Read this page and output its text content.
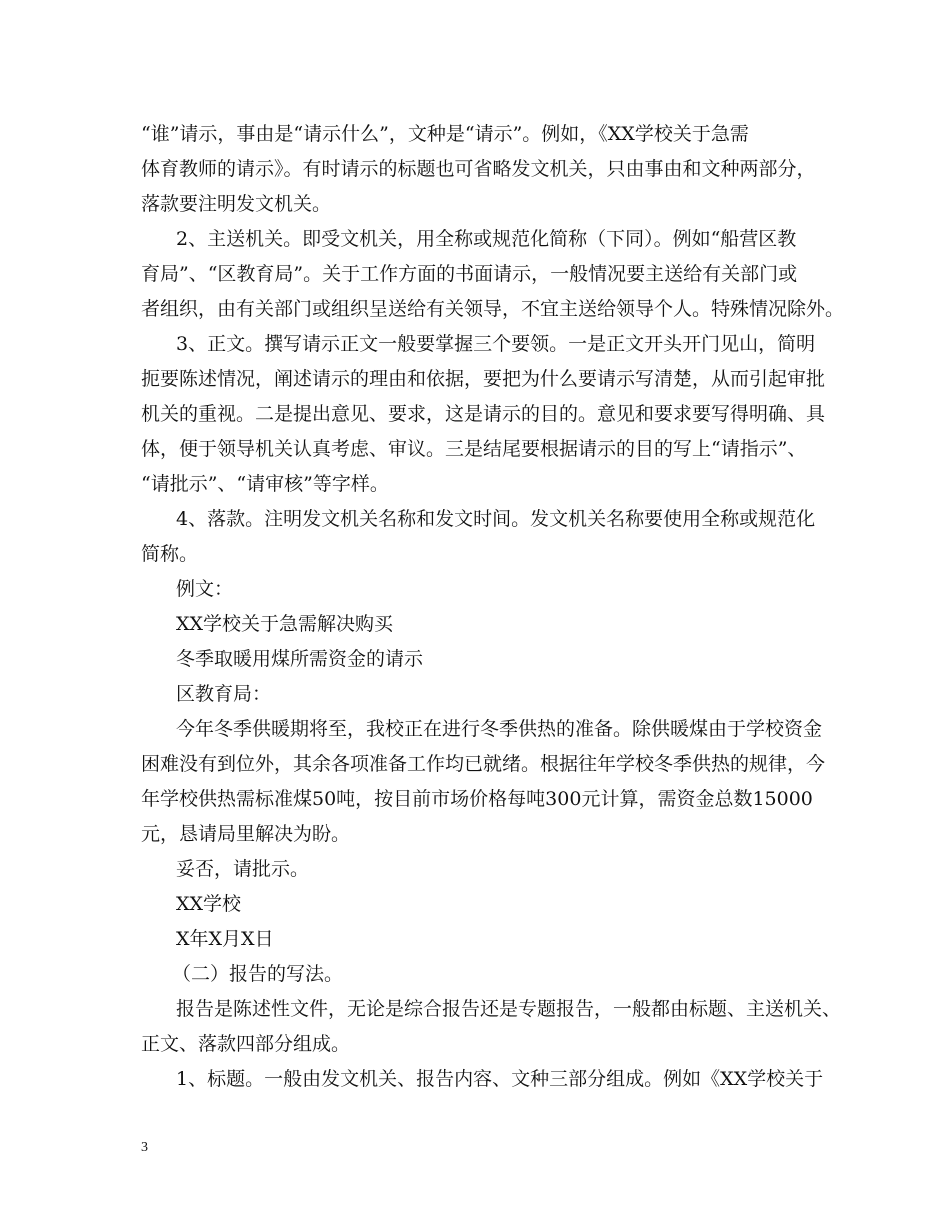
“谁”请示，事由是“请示什么”，文种是“请示”。例如，《XX学校关于急需

体育教师的请示》。有时请示的标题也可省略发文机关，只由事由和文种两部分，

落款要注明发文机关。

2、主送机关。即受文机关，用全称或规范化简称（下同）。例如“船营区教

育局”、“区教育局”。关于工作方面的书面请示，一般情况要主送给有关部门或

者组织，由有关部门或组织呈送给有关领导，不宜主送给领导个人。特殊情况除外。

3、正文。撰写请示正文一般要掌握三个要领。一是正文开头开门见山，简明

扼要陈述情况，阐述请示的理由和依据，要把为什么要请示写清楚，从而引起审批

机关的重视。二是提出意见、要求，这是请示的目的。意见和要求要写得明确、具

体，便于领导机关认真考虑、审议。三是结尾要根据请示的目的写上“请指示”、

“请批示”、“请审核”等字样。

4、落款。注明发文机关名称和发文时间。发文机关名称要使用全称或规范化

简称。

例文：

XX学校关于急需解决购买

冬季取暖用煤所需资金的请示

区教育局：

今年冬季供暖期将至，我校正在进行冬季供热的准备。除供暖煤由于学校资金

困难没有到位外，其余各项准备工作均已就绪。根据往年学校冬季供热的规律，今

年学校供热需标准煤50吨，按目前市场价格每吨300元计算，需资金总数15000

元，恳请局里解决为盼。

妥否，请批示。

XX学校

X年X月X日

（二）报告的写法。

报告是陈述性文件，无论是综合报告还是专题报告，一般都由标题、主送机关、

正文、落款四部分组成。

1、标题。一般由发文机关、报告内容、文种三部分组成。例如《XX学校关于

3
